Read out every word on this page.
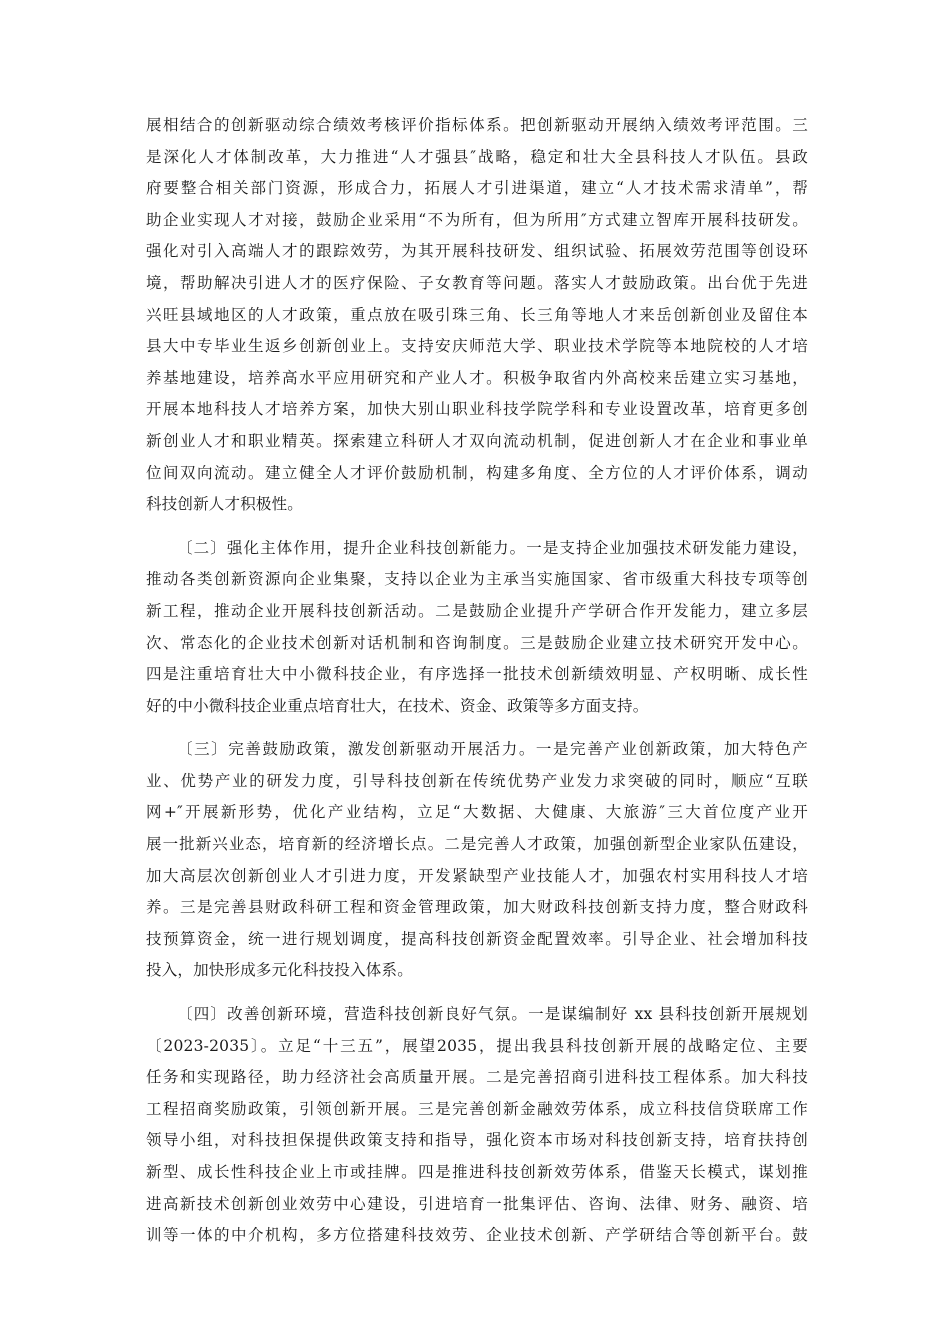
展相结合的创新驱动综合绩效考核评价指标体系。把创新驱动开展纳入绩效考评范围。三
是深化人才体制改革，大力推进“人才强县″战略，稳定和壮大全县科技人才队伍。县政
府要整合相关部门资源，形成合力，拓展人才引进渠道，建立“人才技术需求清单”，帮
助企业实现人才对接，鼓励企业采用“不为所有，但为所用″方式建立智库开展科技研发。
强化对引入高端人才的跟踪效劳，为其开展科技研发、组织试验、拓展效劳范围等创设环
境，帮助解决引进人才的医疗保险、子女教育等问题。落实人才鼓励政策。出台优于先进
兴旺县域地区的人才政策，重点放在吸引珠三角、长三角等地人才来岳创新创业及留住本
县大中专毕业生返乡创新创业上。支持安庆师范大学、职业技术学院等本地院校的人才培
养基地建设，培养高水平应用研究和产业人才。积极争取省内外高校来岳建立实习基地，
开展本地科技人才培养方案，加快大别山职业科技学院学科和专业设置改革，培育更多创
新创业人才和职业精英。探索建立科研人才双向流动机制，促进创新人才在企业和事业单
位间双向流动。建立健全人才评价鼓励机制，构建多角度、全方位的人才评价体系，调动
科技创新人才积极性。
〔二〕强化主体作用，提升企业科技创新能力。一是支持企业加强技术研发能力建设，
推动各类创新资源向企业集聚，支持以企业为主承当实施国家、省市级重大科技专项等创
新工程，推动企业开展科技创新活动。二是鼓励企业提升产学研合作开发能力，建立多层
次、常态化的企业技术创新对话机制和咨询制度。三是鼓励企业建立技术研究开发中心。
四是注重培育壮大中小微科技企业，有序选择一批技术创新绩效明显、产权明晰、成长性
好的中小微科技企业重点培育壮大，在技术、资金、政策等多方面支持。
〔三〕完善鼓励政策，激发创新驱动开展活力。一是完善产业创新政策，加大特色产
业、优势产业的研发力度，引导科技创新在传统优势产业发力求突破的同时，顺应“互联
网+″开展新形势，优化产业结构，立足“大数据、大健康、大旅游″三大首位度产业开
展一批新兴业态，培育新的经济增长点。二是完善人才政策，加强创新型企业家队伍建设，
加大高层次创新创业人才引进力度，开发紧缺型产业技能人才，加强农村实用科技人才培
养。三是完善县财政科研工程和资金管理政策，加大财政科技创新支持力度，整合财政科
技预算资金，统一进行规划调度，提高科技创新资金配置效率。引导企业、社会增加科技
投入，加快形成多元化科技投入体系。
〔四〕改善创新环境，营造科技创新良好气氛。一是谋编制好 xx 县科技创新开展规划
〔2023-2035〕。立足“十三五”，展望2035，提出我县科技创新开展的战略定位、主要
任务和实现路径，助力经济社会高质量开展。二是完善招商引进科技工程体系。加大科技
工程招商奖励政策，引领创新开展。三是完善创新金融效劳体系，成立科技信贷联席工作
领导小组，对科技担保提供政策支持和指导，强化资本市场对科技创新支持，培育扶持创
新型、成长性科技企业上市或挂牌。四是推进科技创新效劳体系，借鉴天长模式，谋划推
进高新技术创新创业效劳中心建设，引进培育一批集评估、咨询、法律、财务、融资、培
训等一体的中介机构，多方位搭建科技效劳、企业技术创新、产学研结合等创新平台。鼓
